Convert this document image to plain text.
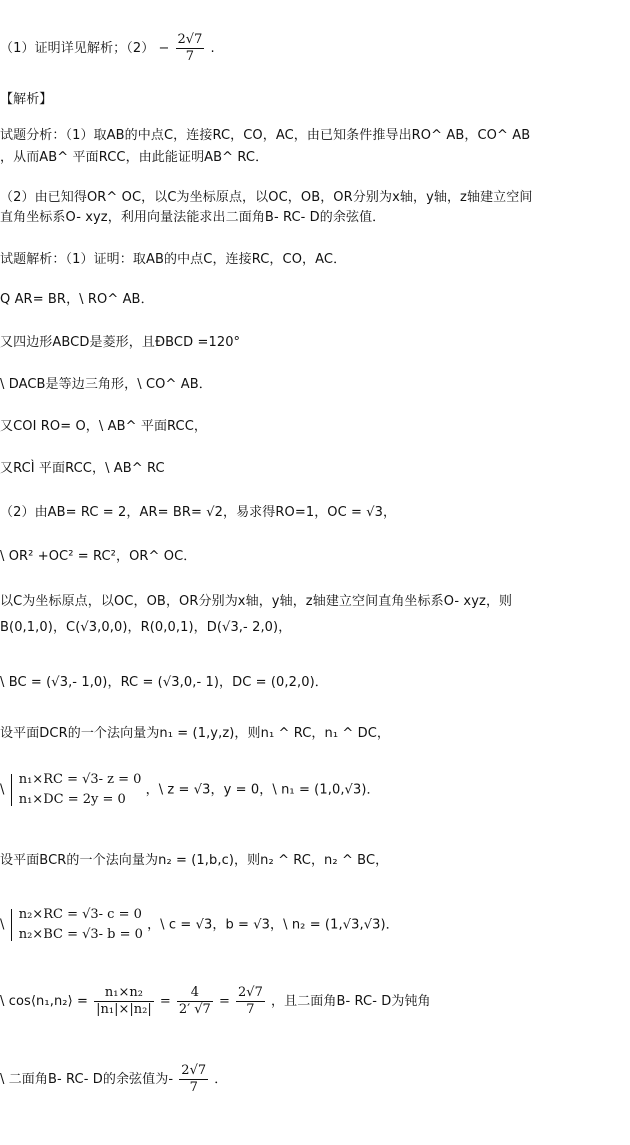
（1）证明详见解析；$(2) - \frac{2√7}{7}$ .
【解析】
试题分析：（1）取AB的中点C，连接RC，CO，AC，由已知条件推导出RO^ AB，CO^ AB
，从而AB^ 平面RCC，由此能证明AB^ RC．
（2）由已知得OR^ OC，以C为坐标原点，以OC，OB，OR分别为x轴，y轴，z轴建立空间
直角坐标系O- xyz，利用向量法能求出二面角B- RC- D的余弦值．
试题解析：（1）证明：取AB的中点C，连接RC，CO，AC．
Q AR= BR，\ RO^ AB．
又四边形ABCD是菱形，且ÐBCD =120°
\ DACB是等边三角形，\ CO^ AB．
又COI RO= O，\ AB^ 平面RCC，
又RCÌ 平面RCC，\ AB^ RC
（2）由AB= RC = 2，AR= BR= √2，易求得RO=1，OC = √3，
\ OR² +OC² = RC²，OR^ OC．
以C为坐标原点，以OC，OB，OR分别为x轴，y轴，z轴建立空间直角坐标系O- xyz，则
B(0,1,0)，C(√3,0,0)，R(0,0,1)，D(√3,- 2,0)，
\ BC = (√3,- 1,0)，RC = (√3,0,- 1)，DC = (0,2,0)．
设平面DCR的一个法向量为n₁ = (1,y,z)，则n₁ ^ RC，n₁ ^ DC，
\
n₁×RC = √3- z = 0
n₁×DC = 2y = 0
，\ z = √3，y = 0，\ n₁ = (1,0,√3)．
设平面BCR的一个法向量为n₂ = (1,b,c)，则n₂ ^ RC，n₂ ^ BC，
\
n₂×RC = √3- c = 0
n₂×BC = √3- b = 0
，\ c = √3，b = √3，\ n₂ = (1,√3,√3)．
\ cos⟨n₁,n₂⟩ = $\frac{\text{n₁×n₂}}{\text{|n₁|×|n₂|}} = \frac{4}{2' √7} = \frac{2√7}{7}$ ，且二面角B- RC- D为钝角
\ 二面角B- RC- D的余弦值为- $\frac{2√7}{7}$ ．
